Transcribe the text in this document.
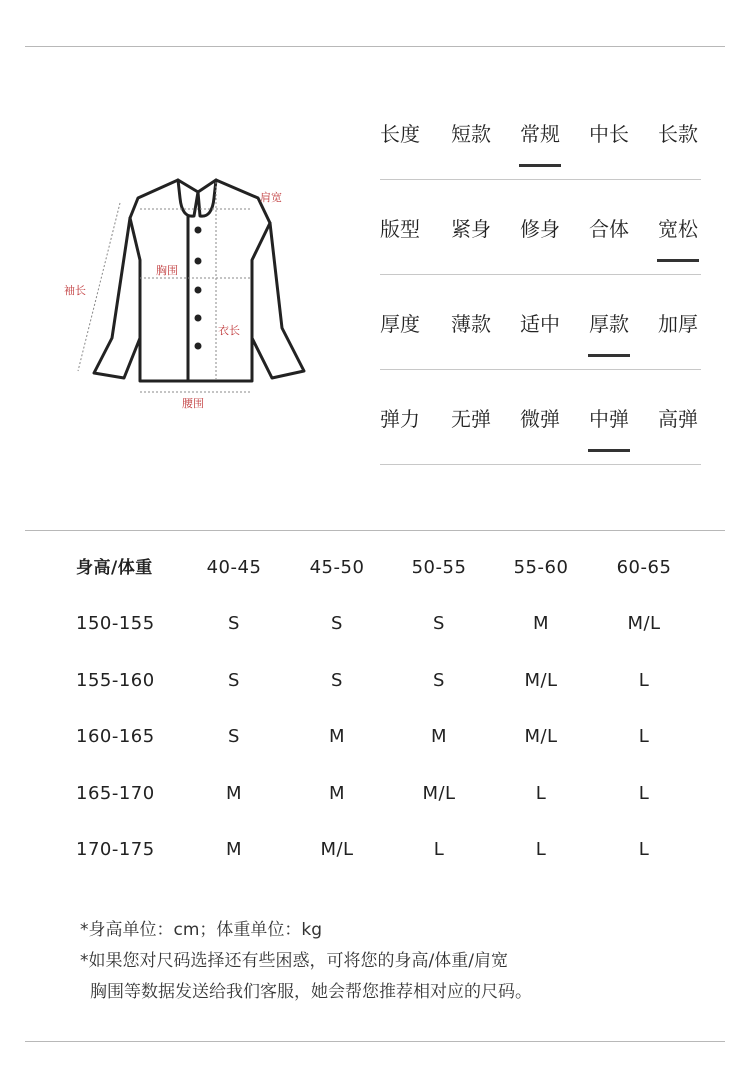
肩宽
袖长
胸围
衣长
腰围
长度	短款 常规 中长 长款
版型	紧身 修身 合体 宽松
厚度	薄款 适中 厚款 加厚
弹力	无弹 微弹 中弹 高弹
身高/体重	40-45	45-50	50-55	55-60	60-65
150-155	S	S	S	M	M/L
155-160	S	S	S	M/L	L
160-165	S	M	M	M/L	L
165-170	M	M	M/L	L	L
170-175	M	M/L	L	L	L
*身高单位：cm；体重单位：kg
*如果您对尺码选择还有些困惑，可将您的身高/体重/肩宽
胸围等数据发送给我们客服，她会帮您推荐相对应的尺码。
